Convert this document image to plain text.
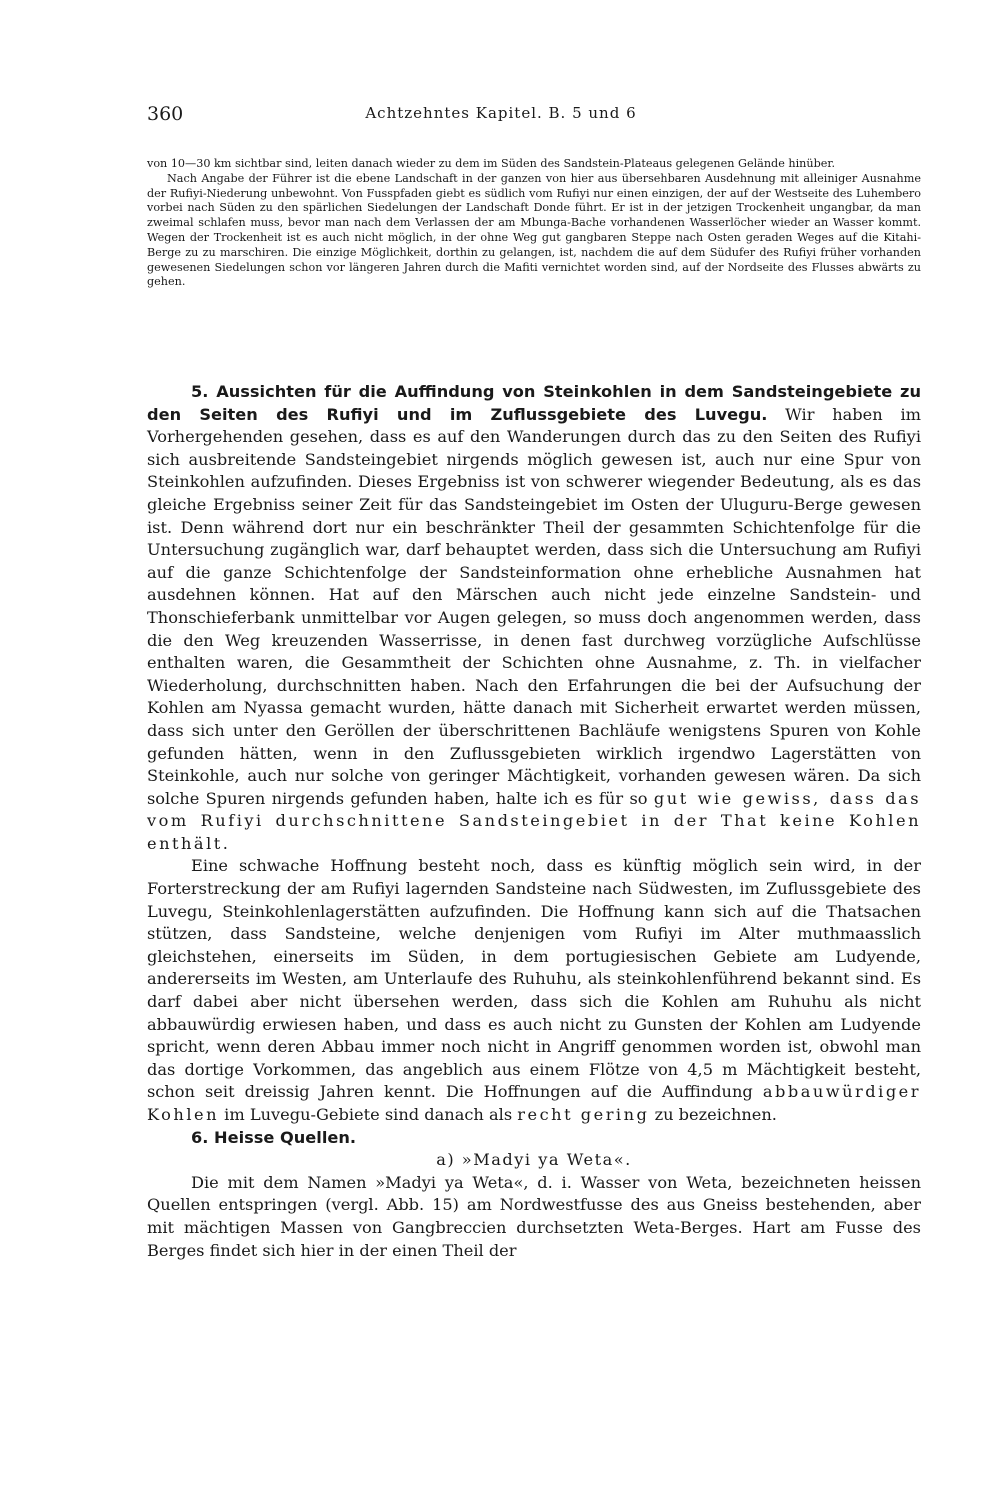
360	Achtzehntes Kapitel. B. 5 und 6

von 10—30 km sichtbar sind, leiten danach wieder zu dem im Süden des Sandstein-Plateaus gelegenen Gelände hinüber.

Nach Angabe der Führer ist die ebene Landschaft in der ganzen von hier aus übersehbaren Ausdehnung mit alleiniger Ausnahme der Rufiyi-Niederung unbewohnt. Von Fusspfaden giebt es südlich vom Rufiyi nur einen einzigen, der auf der Westseite des Luhembero vorbei nach Süden zu den spärlichen Siedelungen der Landschaft Donde führt. Er ist in der jetzigen Trockenheit ungangbar, da man zweimal schlafen muss, bevor man nach dem Verlassen der am Mbunga-Bache vorhandenen Wasserlöcher wieder an Wasser kommt. Wegen der Trockenheit ist es auch nicht möglich, in der ohne Weg gut gangbaren Steppe nach Osten geraden Weges auf die Kitahi-Berge zu zu marschiren. Die einzige Möglichkeit, dorthin zu gelangen, ist, nachdem die auf dem Südufer des Rufiyi früher vorhanden gewesenen Siedelungen schon vor längeren Jahren durch die Mafiti vernichtet worden sind, auf der Nordseite des Flusses abwärts zu gehen.

5. Aussichten für die Auffindung von Steinkohlen in dem Sandsteingebiete zu den Seiten des Rufiyi und im Zuflussgebiete des Luvegu. Wir haben im Vorhergehenden gesehen, dass es auf den Wanderungen durch das zu den Seiten des Rufiyi sich ausbreitende Sandsteingebiet nirgends möglich gewesen ist, auch nur eine Spur von Steinkohlen aufzufinden. Dieses Ergebniss ist von schwerer wiegender Bedeutung, als es das gleiche Ergebniss seiner Zeit für das Sandsteingebiet im Osten der Uluguru-Berge gewesen ist. Denn während dort nur ein beschränkter Theil der gesammten Schichtenfolge für die Untersuchung zugänglich war, darf behauptet werden, dass sich die Untersuchung am Rufiyi auf die ganze Schichtenfolge der Sandsteinformation ohne erhebliche Ausnahmen hat ausdehnen können. Hat auf den Märschen auch nicht jede einzelne Sandstein- und Thonschieferbank unmittelbar vor Augen gelegen, so muss doch angenommen werden, dass die den Weg kreuzenden Wasserrisse, in denen fast durchweg vorzügliche Aufschlüsse enthalten waren, die Gesammtheit der Schichten ohne Ausnahme, z. Th. in vielfacher Wiederholung, durchschnitten haben. Nach den Erfahrungen die bei der Aufsuchung der Kohlen am Nyassa gemacht wurden, hätte danach mit Sicherheit erwartet werden müssen, dass sich unter den Geröllen der überschrittenen Bachläufe wenigstens Spuren von Kohle gefunden hätten, wenn in den Zuflussgebieten wirklich irgendwo Lagerstätten von Steinkohle, auch nur solche von geringer Mächtigkeit, vorhanden gewesen wären. Da sich solche Spuren nirgends gefunden haben, halte ich es für so gut wie gewiss, dass das vom Rufiyi durchschnittene Sandsteingebiet in der That keine Kohlen enthält.

Eine schwache Hoffnung besteht noch, dass es künftig möglich sein wird, in der Forterstreckung der am Rufiyi lagernden Sandsteine nach Südwesten, im Zuflussgebiete des Luvegu, Steinkohlenlagerstätten aufzufinden. Die Hoffnung kann sich auf die Thatsachen stützen, dass Sandsteine, welche denjenigen vom Rufiyi im Alter muthmaasslich gleichstehen, einerseits im Süden, in dem portugiesischen Gebiete am Ludyende, andererseits im Westen, am Unterlaufe des Ruhuhu, als steinkohlenführend bekannt sind. Es darf dabei aber nicht übersehen werden, dass sich die Kohlen am Ruhuhu als nicht abbauwürdig erwiesen haben, und dass es auch nicht zu Gunsten der Kohlen am Ludyende spricht, wenn deren Abbau immer noch nicht in Angriff genommen worden ist, obwohl man das dortige Vorkommen, das angeblich aus einem Flötze von 4,5 m Mächtigkeit besteht, schon seit dreissig Jahren kennt. Die Hoffnungen auf die Auffindung abbauwürdiger Kohlen im Luvegu-Gebiete sind danach als recht gering zu bezeichnen.

6. Heisse Quellen.

a) »Madyi ya Weta«.

Die mit dem Namen »Madyi ya Weta«, d. i. Wasser von Weta, bezeichneten heissen Quellen entspringen (vergl. Abb. 15) am Nordwestfusse des aus Gneiss bestehenden, aber mit mächtigen Massen von Gangbreccien durchsetzten Weta-Berges. Hart am Fusse des Berges findet sich hier in der einen Theil der
